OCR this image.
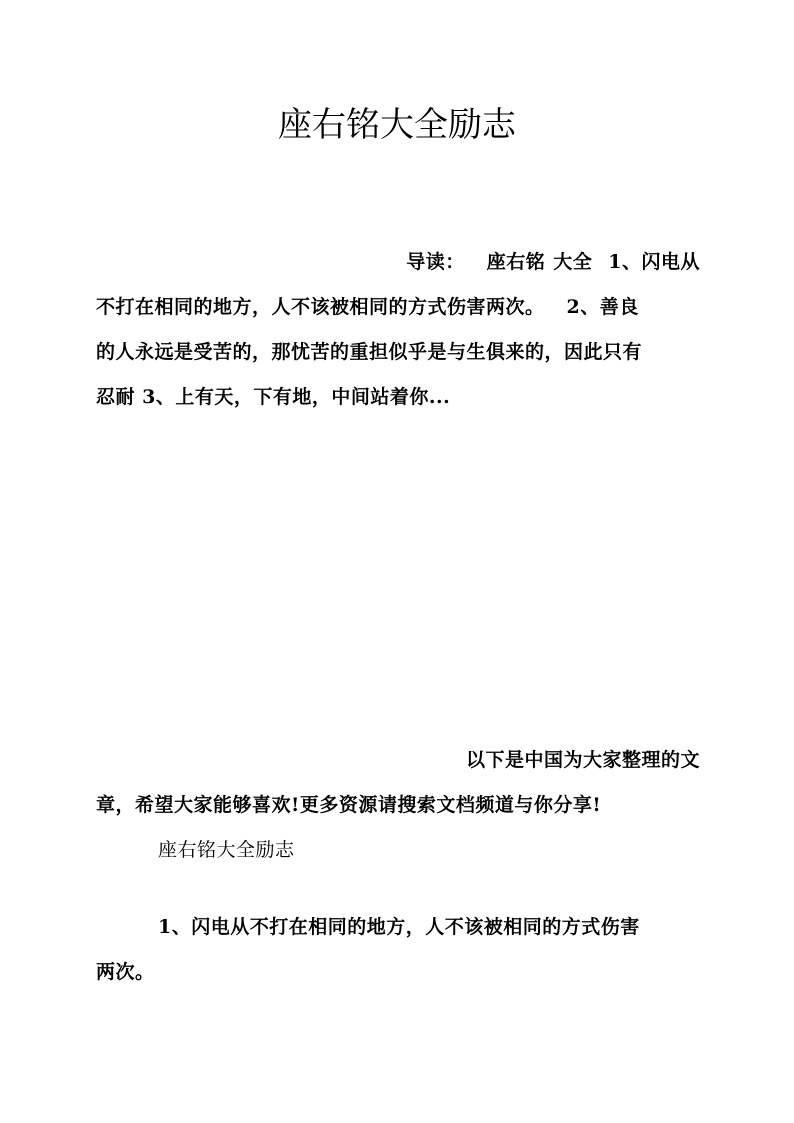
座右铭大全励志
导读： 座右铭 大全 1、闪电从
不打在相同的地方，人不该被相同的方式伤害两次。 2、善良
的人永远是受苦的，那忧苦的重担似乎是与生俱来的，因此只有
忍耐 3、上有天，下有地，中间站着你...
以下是中国为大家整理的文
章，希望大家能够喜欢!更多资源请搜索文档频道与你分享!
座右铭大全励志
1、闪电从不打在相同的地方，人不该被相同的方式伤害
两次。
